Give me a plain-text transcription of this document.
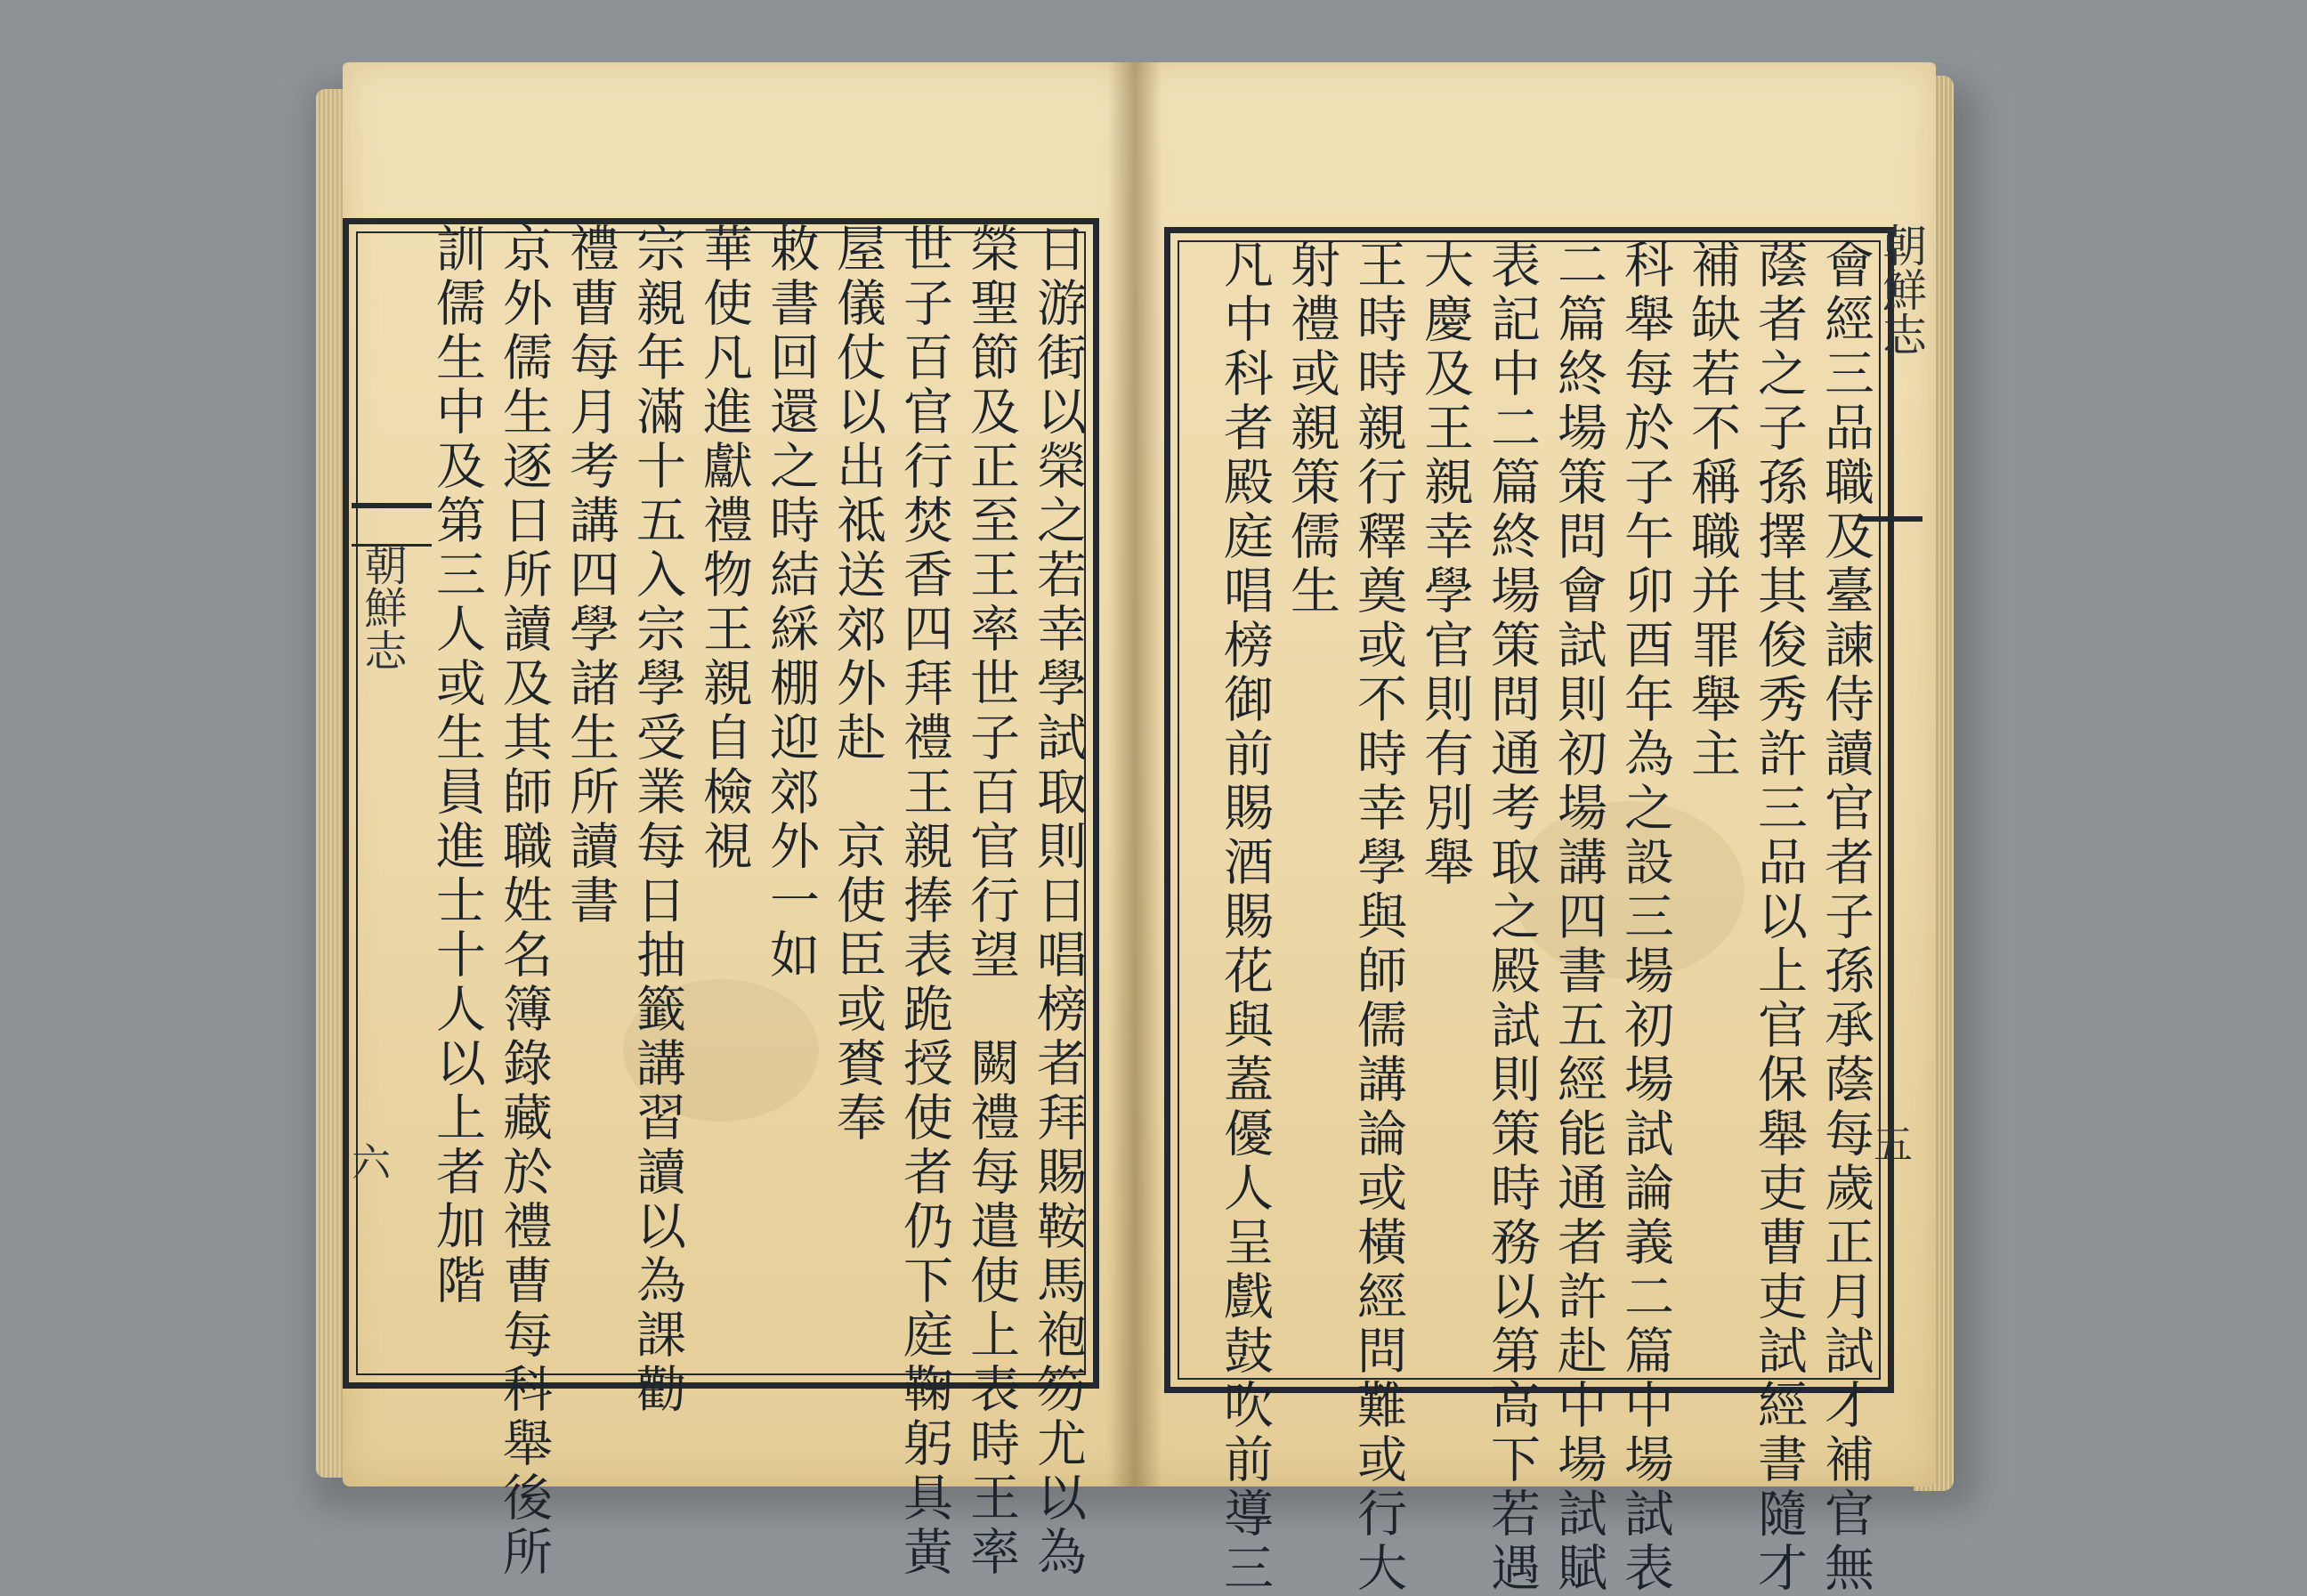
朝鮮志
六	日游街以榮之若幸學試取則日唱榜者拜賜鞍馬袍笏尤以為
榮聖節及正至王率世子百官行望　闕禮每遣使上表時王率
世子百官行焚香四拜禮王親捧表跪授使者仍下庭鞠躬具黃
屋儀仗以出祗送郊外赴　京使臣或賚奉
敕書回還之時結綵棚迎郊外一如
華使凡進獻禮物王親自檢視
宗親年滿十五入宗學受業每日抽籤講習讀以為課勸
禮曹每月考講四學諸生所讀書
京外儒生逐日所讀及其師職姓名簿錄藏於禮曹每科舉後所
訓儒生中及第三人或生員進士十人以上者加階	朝鮮志
五
會經三品職及臺諫侍讀官者子孫承蔭每歲正月試才補官無
蔭者之子孫擇其俊秀許三品以上官保舉吏曹吏試經書隨才
補缺若不稱職并罪舉主
科舉每於子午卯酉年為之設三場初場試論義二篇中場試表
二篇終場策問會試則初場講四書五經能通者許赴中場試賦
表記中二篇終場策問通考取之殿試則策時務以第高下若遇
大慶及王親幸學官則有別舉
王時時親行釋奠或不時幸學與師儒講論或橫經問難或行大
射禮或親策儒生
凡中科者殿庭唱榜御前賜酒賜花與蓋優人呈戲鼓吹前導三
